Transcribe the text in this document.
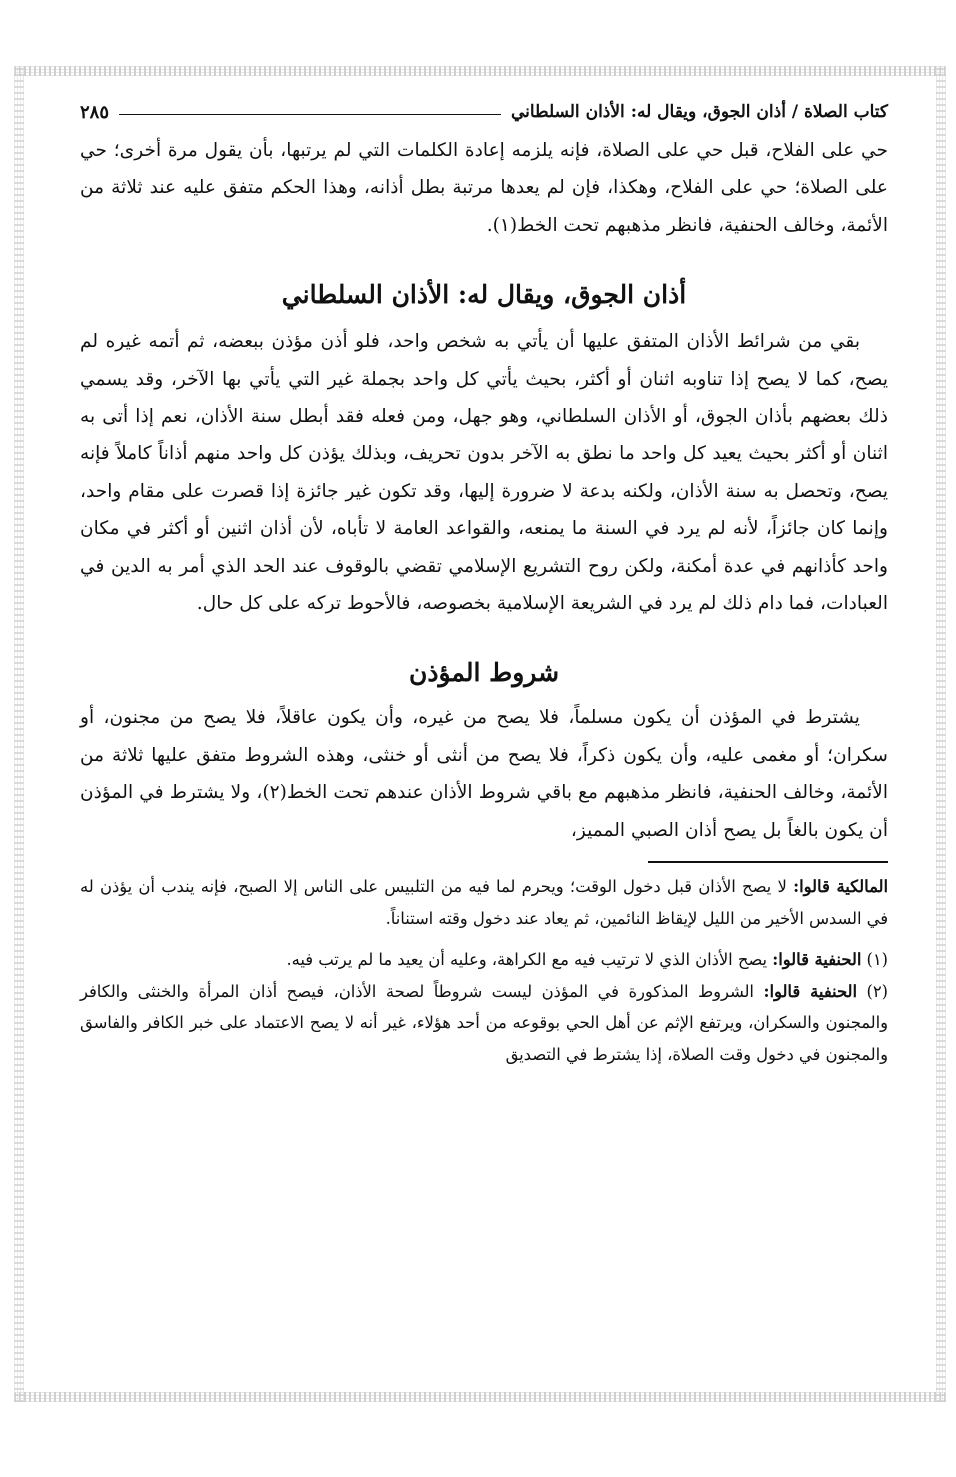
كتاب الصلاة / أذان الجوق، ويقال له: الأذان السلطاني
٢٨٥

حي على الفلاح، قبل حي على الصلاة، فإنه يلزمه إعادة الكلمات التي لم يرتبها، بأن يقول مرة أخرى؛ حي على الصلاة؛ حي على الفلاح، وهكذا، فإن لم يعدها مرتبة بطل أذانه، وهذا الحكم متفق عليه عند ثلاثة من الأئمة، وخالف الحنفية، فانظر مذهبهم تحت الخط(١).

أذان الجوق، ويقال له: الأذان السلطاني

بقي من شرائط الأذان المتفق عليها أن يأتي به شخص واحد، فلو أذن مؤذن ببعضه، ثم أتمه غيره لم يصح، كما لا يصح إذا تناوبه اثنان أو أكثر، بحيث يأتي كل واحد بجملة غير التي يأتي بها الآخر، وقد يسمي ذلك بعضهم بأذان الجوق، أو الأذان السلطاني، وهو جهل، ومن فعله فقد أبطل سنة الأذان، نعم إذا أتى به اثنان أو أكثر بحيث يعيد كل واحد ما نطق به الآخر بدون تحريف، وبذلك يؤذن كل واحد منهم أذاناً كاملاً فإنه يصح، وتحصل به سنة الأذان، ولكنه بدعة لا ضرورة إليها، وقد تكون غير جائزة إذا قصرت على مقام واحد، وإنما كان جائزاً، لأنه لم يرد في السنة ما يمنعه، والقواعد العامة لا تأباه، لأن أذان اثنين أو أكثر في مكان واحد كأذانهم في عدة أمكنة، ولكن روح التشريع الإسلامي تقضي بالوقوف عند الحد الذي أمر به الدين في العبادات، فما دام ذلك لم يرد في الشريعة الإسلامية بخصوصه، فالأحوط تركه على كل حال.

شروط المؤذن

يشترط في المؤذن أن يكون مسلماً، فلا يصح من غيره، وأن يكون عاقلاً، فلا يصح من مجنون، أو سكران؛ أو مغمى عليه، وأن يكون ذكراً، فلا يصح من أنثى أو خنثى، وهذه الشروط متفق عليها ثلاثة من الأئمة، وخالف الحنفية، فانظر مذهبهم مع باقي شروط الأذان عندهم تحت الخط(٢)، ولا يشترط في المؤذن أن يكون بالغاً بل يصح أذان الصبي المميز،

المالكية قالوا: لا يصح الأذان قبل دخول الوقت؛ ويحرم لما فيه من التلبيس على الناس إلا الصبح، فإنه يندب أن يؤذن له في السدس الأخير من الليل لإيقاظ النائمين، ثم يعاد عند دخول وقته استناناً.

(١) الحنفية قالوا: يصح الأذان الذي لا ترتيب فيه مع الكراهة، وعليه أن يعيد ما لم يرتب فيه.

(٢) الحنفية قالوا: الشروط المذكورة في المؤذن ليست شروطاً لصحة الأذان، فيصح أذان المرأة والخنثى والكافر والمجنون والسكران، ويرتفع الإثم عن أهل الحي بوقوعه من أحد هؤلاء، غير أنه لا يصح الاعتماد على خبر الكافر والفاسق والمجنون في دخول وقت الصلاة، إذا يشترط في التصديق
